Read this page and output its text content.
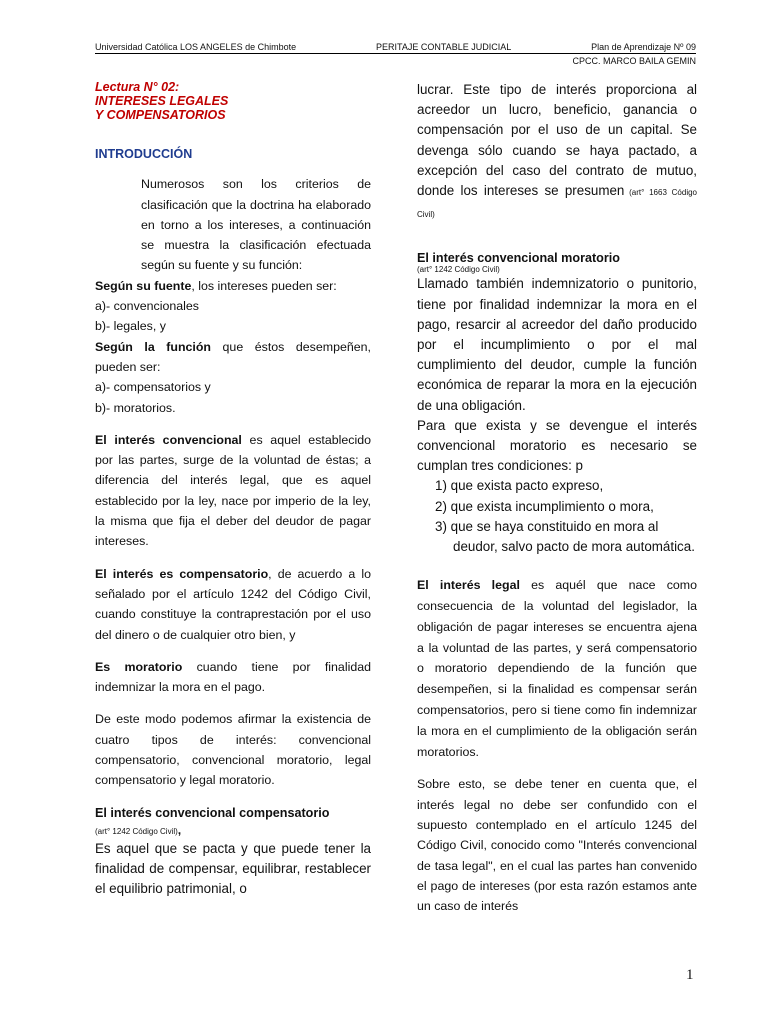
Universidad Católica LOS ANGELES de Chimbote	PERITAJE CONTABLE JUDICIAL	Plan de Aprendizaje Nº 09
CPCC. MARCO BAILA GEMIN
Lectura N° 02:
INTERESES LEGALES
Y COMPENSATORIOS
INTRODUCCIÓN

Numerosos son los criterios de clasificación que la doctrina ha elaborado en torno a los intereses, a continuación se muestra la clasificación efectuada según su fuente y su función:

Según su fuente, los intereses pueden ser:

a)- convencionales

b)- legales, y

Según la función que éstos desempeñen, pueden ser:

a)- compensatorios y

b)- moratorios.

El interés convencional es aquel establecido por las partes, surge de la voluntad de éstas; a diferencia del interés legal, que es aquel establecido por la ley, nace por imperio de la ley, la misma que fija el deber del deudor de pagar intereses.

El interés es compensatorio, de acuerdo a lo señalado por el artículo 1242 del Código Civil, cuando constituye la contraprestación por el uso del dinero o de cualquier otro bien, y

Es moratorio cuando tiene por finalidad indemnizar la mora en el pago.

De este modo podemos afirmar la existencia de cuatro tipos de interés: convencional compensatorio, convencional moratorio, legal compensatorio y legal moratorio.

El interés convencional compensatorio
(art° 1242 Código Civil),

Es aquel que se pacta y que puede tener la finalidad de compensar, equilibrar, restablecer el equilibrio patrimonial, o

lucrar. Este tipo de interés proporciona al acreedor un lucro, beneficio, ganancia o compensación por el uso de un capital. Se devenga sólo cuando se haya pactado, a excepción del caso del contrato de mutuo, donde los intereses se presumen (art° 1663 Código Civil)

El interés convencional moratorio
(art° 1242 Código Civil)

Llamado también indemnizatorio o punitorio, tiene por finalidad indemnizar la mora en el pago, resarcir al acreedor del daño producido por el incumplimiento o por el mal cumplimiento del deudor, cumple la función económica de reparar la mora en la ejecución de una obligación.

Para que exista y se devengue el interés convencional moratorio es necesario se cumplan tres condiciones: p

1) que exista pacto expreso,
2) que exista incumplimiento o mora,
3) que se haya constituido en mora al deudor, salvo pacto de mora automática.

El interés legal es aquél que nace como consecuencia de la voluntad del legislador, la obligación de pagar intereses se encuentra ajena a la voluntad de las partes, y será compensatorio o moratorio dependiendo de la función que desempeñen, si la finalidad es compensar serán compensatorios, pero si tiene como fin indemnizar la mora en el cumplimiento de la obligación serán moratorios.

Sobre esto, se debe tener en cuenta que, el interés legal no debe ser confundido con el supuesto contemplado en el artículo 1245 del Código Civil, conocido como "Interés convencional de tasa legal", en el cual las partes han convenido el pago de intereses (por esta razón estamos ante un caso de interés

1
